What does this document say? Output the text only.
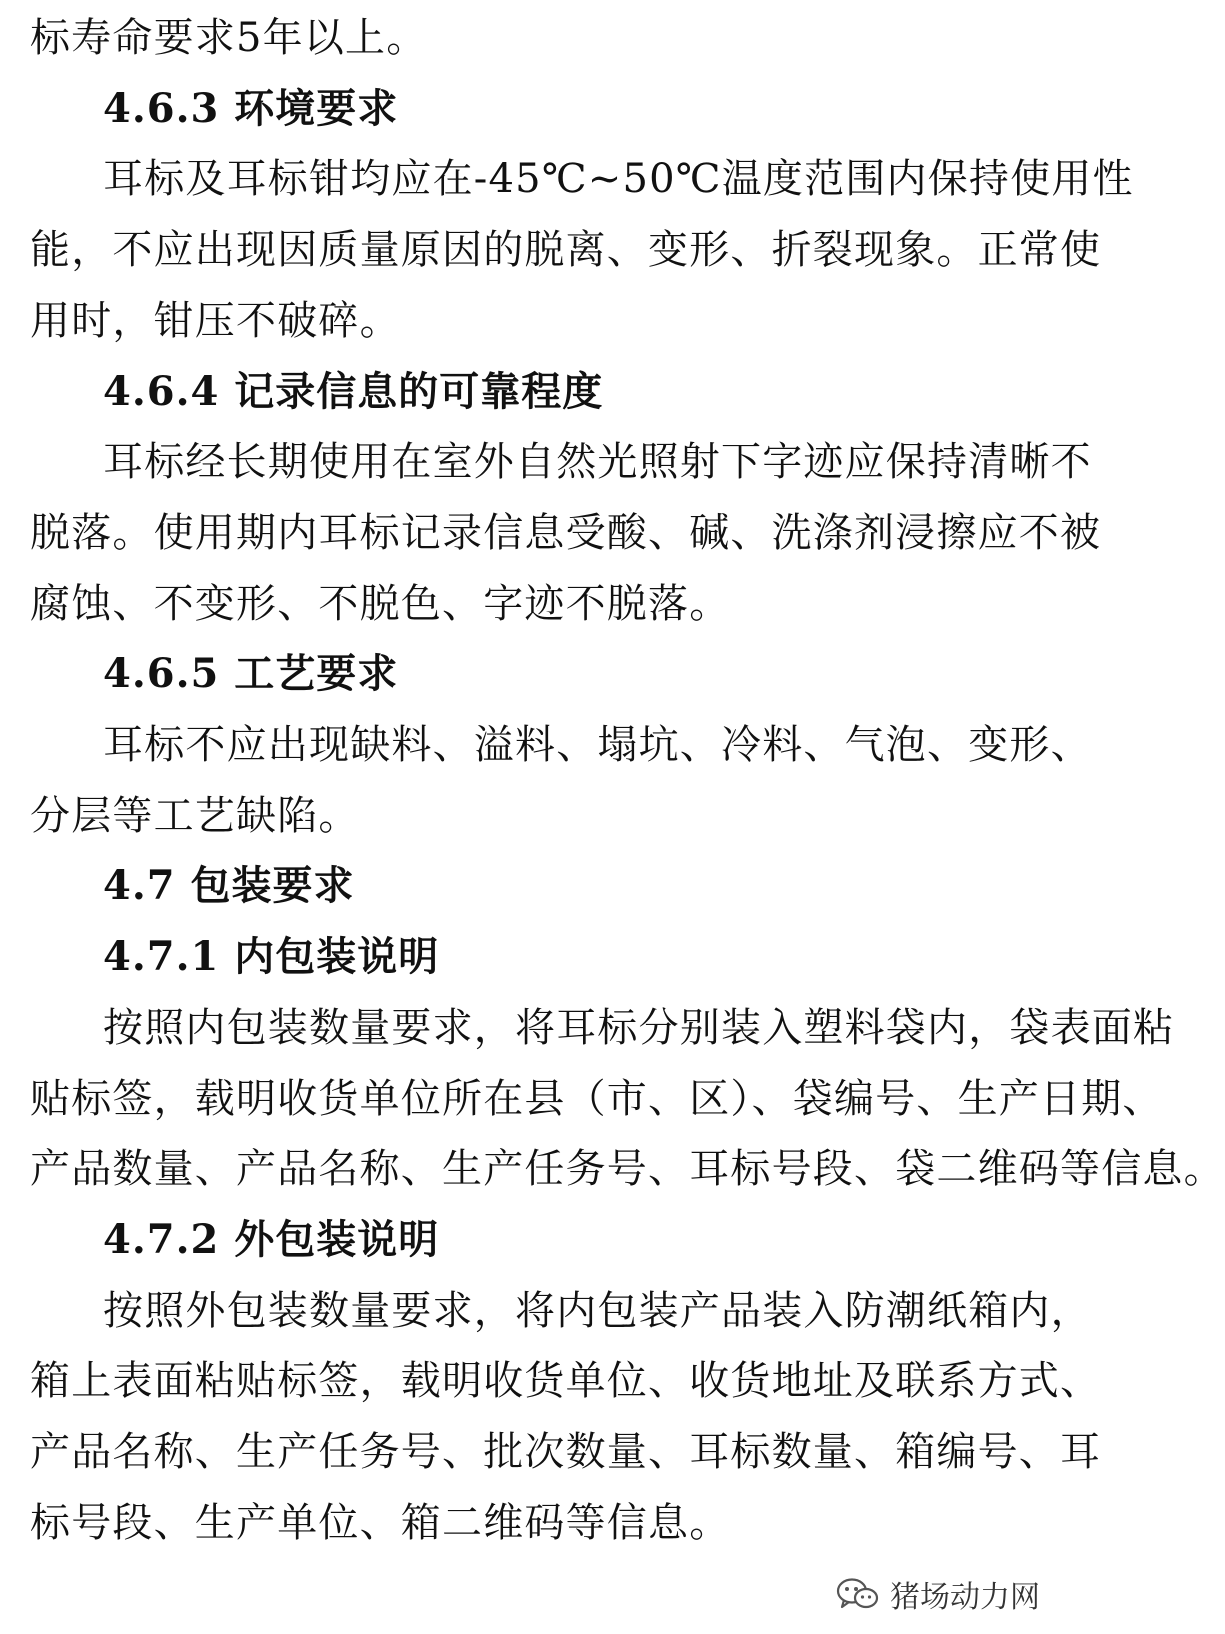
标寿命要求5年以上。
4.6.3 环境要求
耳标及耳标钳均应在-45℃~50℃温度范围内保持使用性
能，不应出现因质量原因的脱离、变形、折裂现象。正常使
用时，钳压不破碎。
4.6.4 记录信息的可靠程度
耳标经长期使用在室外自然光照射下字迹应保持清晰不
脱落。使用期内耳标记录信息受酸、碱、洗涤剂浸擦应不被
腐蚀、不变形、不脱色、字迹不脱落。
4.6.5 工艺要求
耳标不应出现缺料、溢料、塌坑、冷料、气泡、变形、
分层等工艺缺陷。
4.7 包装要求
4.7.1 内包装说明
按照内包装数量要求，将耳标分别装入塑料袋内，袋表面粘
贴标签，载明收货单位所在县（市、区）、袋编号、生产日期、
产品数量、产品名称、生产任务号、耳标号段、袋二维码等信息。
4.7.2 外包装说明
按照外包装数量要求，将内包装产品装入防潮纸箱内，
箱上表面粘贴标签，载明收货单位、收货地址及联系方式、
产品名称、生产任务号、批次数量、耳标数量、箱编号、耳
标号段、生产单位、箱二维码等信息。
猪场动力网
